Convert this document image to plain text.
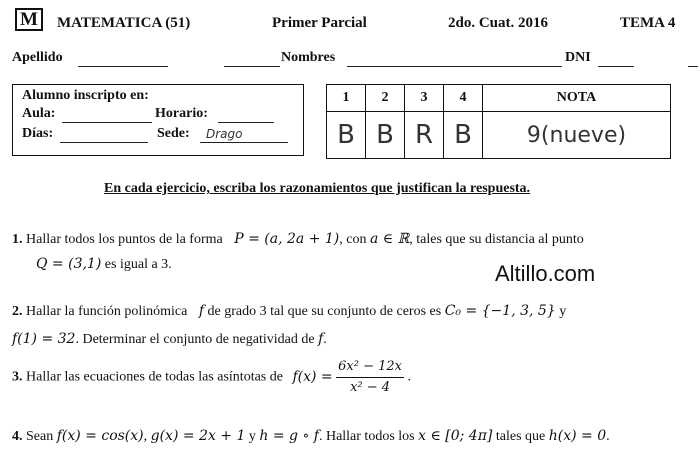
M	MATEMATICA (51)	Primer Parcial	2do. Cuat. 2016	TEMA 4
Apellido	Nombres	DNI
Alumno inscripto en:
Aula:	Horario:
Días:	Sede: Drago
1	2	3	4	NOTA
B	B	R	B	9(nueve)
En cada ejercicio, escriba los razonamientos que justifican la respuesta.
1. Hallar todos los puntos de la forma P = (a, 2a + 1), con a ∈ ℝ, tales que su distancia al punto
Q = (3,1) es igual a 3.	Altillo.com
2. Hallar la función polinómica f de grado 3 tal que su conjunto de ceros es C₀ = {−1, 3, 5} y
f(1) = 32. Determinar el conjunto de negatividad de f.
3. Hallar las ecuaciones de todas las asíntotas de $f(x) = \frac{\text{6x² − 12x}}{\text{x² − 4}}$ .
4. Sean f(x) = cos(x), g(x) = 2x + 1 y h = g ∘ f. Hallar todos los x ∈ [0; 4π] tales que h(x) = 0.
